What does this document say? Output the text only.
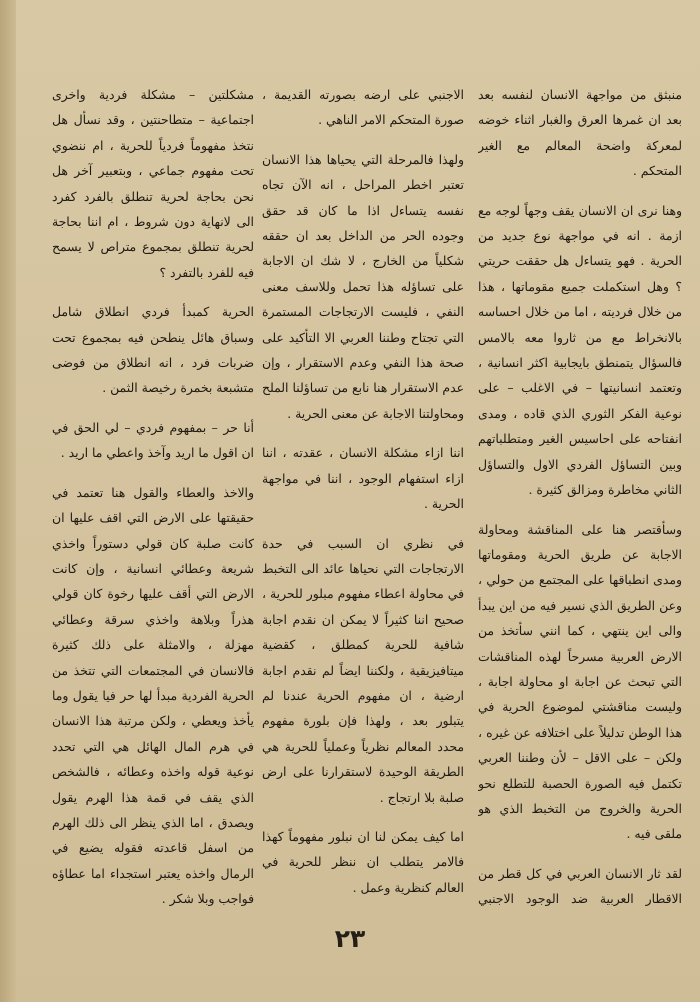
منبثق من مواجهة الانسان لنفسه بعد بعد ان غمرها العرق والغبار اثناء خوضه لمعركة واضحة المعالم مع الغير المتحكم .

وهنا نرى ان الانسان يقف وجهاً لوجه مع ازمة . انه في مواجهة نوع جديد من الحرية . فهو يتساءل هل حققت حريتي ؟ وهل استكملت جميع مقوماتها ، هذا من خلال فرديته ، اما من خلال احساسه بالانخراط مع من ثاروا معه بالامس فالسؤال يتمنطق بايجابية اكثر انسانية ، وتعتمد انسانيتها – في الاغلب – على نوعية الفكر الثوري الذي قاده ، ومدى انفتاحه على احاسيس الغير ومتطلباتهم وبين التساؤل الفردي الاول والتساؤل الثاني مخاطرة ومزالق كثيرة .

وسأقتصر هنا على المناقشة ومحاولة الاجابة عن طريق الحرية ومقوماتها ومدى انطباقها على المجتمع من حولي ، وعن الطريق الذي نسير فيه من اين يبدأ والى اين ينتهي ، كما انني سأتخذ من الارض العربية مسرحاً لهذه المناقشات التي تبحث عن اجابة او محاولة اجابة ، وليست مناقشتي لموضوع الحرية في هذا الوطن تدليلاً على اختلافه عن غيره ، ولكن – على الاقل – لأن وطننا العربي تكتمل فيه الصورة الحصبة للتطلع نحو الحرية والخروج من التخبط الذي هو ملقى فيه .

لقد ثار الانسان العربي في كل قطر من الاقطار العربية ضد الوجود الاجنبي

الاجنبي على ارضه بصورته القديمة ، صورة المتحكم الامر الناهي .

ولهذا فالمرحلة التي يحياها هذا الانسان تعتبر اخطر المراحل ، انه الآن تجاه نفسه يتساءل اذا ما كان قد حقق وجوده الحر من الداخل بعد ان حققه شكلياً من الخارج ، لا شك ان الاجابة على تساؤله هذا تحمل وللاسف معنى النفي ، فليست الارتجاجات المستمرة التي تجتاح وطننا العربي الا التأكيد على صحة هذا النفي وعدم الاستقرار ، وإن عدم الاستقرار هنا نابع من تساؤلنا الملح ومحاولتنا الاجابة عن معنى الحرية .

اننا ازاء مشكلة الانسان ، عقدته ، اننا ازاء استفهام الوجود ، اننا في مواجهة الحرية .

في نظري ان السبب في حدة الارتجاجات التي نحياها عائد الى التخبط في محاولة اعطاء مفهوم مبلور للحرية ، صحيح اننا كثيراً لا يمكن ان نقدم اجابة شافية للحرية كمطلق ، كقضية ميتافيزيقية ، ولكننا ايضاً لم نقدم اجابة ارضية ، ان مفهوم الحرية عندنا لم يتبلور بعد ، ولهذا فإن بلورة مفهوم محدد المعالم نظرياً وعملياً للحرية هي الطريقة الوحيدة لاستقرارنا على ارض صلبة بلا ارتجاج .

اما كيف يمكن لنا ان نبلور مفهوماً كهذا فالامر يتطلب ان ننظر للحرية في العالم كنظرية وعمل .

مشكلتين – مشكلة فردية واخرى اجتماعية – متطاحنتين ، وقد نسأل هل نتخذ مفهوماً فردياً للحرية ، ام ننضوي تحت مفهوم جماعي ، وبتعبير آخر هل نحن بحاجة لحرية تنطلق بالفرد كفرد الى لانهاية دون شروط ، ام اننا بحاجة لحرية تنطلق بمجموع متراص لا يسمح فيه للفرد بالتفرد ؟

الحرية كمبدأ فردي انطلاق شامل وسباق هائل ينطحن فيه بمجموع تحت ضربات فرد ، انه انطلاق من فوضى متشبعة بخمرة رخيصة الثمن .

أنا حر – بمفهوم فردي – لي الحق في ان اقول ما اريد وآخذ واعطي ما اريد .

والاخذ والعطاء والقول هنا تعتمد في حقيقتها على الارض التي اقف عليها ان كانت صلبة كان قولي دستوراً واخذي شريعة وعطائي انسانية ، وإن كانت الارض التي أقف عليها رخوة كان قولي هذراً وبلاهة واخذي سرقة وعطائي مهزلة ، والامثلة على ذلك كثيرة فالانسان في المجتمعات التي تتخذ من الحرية الفردية مبدأ لها حر فيا يقول وما يأخذ ويعطي ، ولكن مرتبة هذا الانسان في هرم المال الهائل هي التي تحدد نوعية قوله واخذه وعطائه ، فالشخص الذي يقف في قمة هذا الهرم يقول ويصدق ، اما الذي ينظر الى ذلك الهرم من اسفل قاعدته فقوله يضيع في الرمال واخذه يعتبر استجداء اما عطاؤه فواجب وبلا شكر .

٢٣
